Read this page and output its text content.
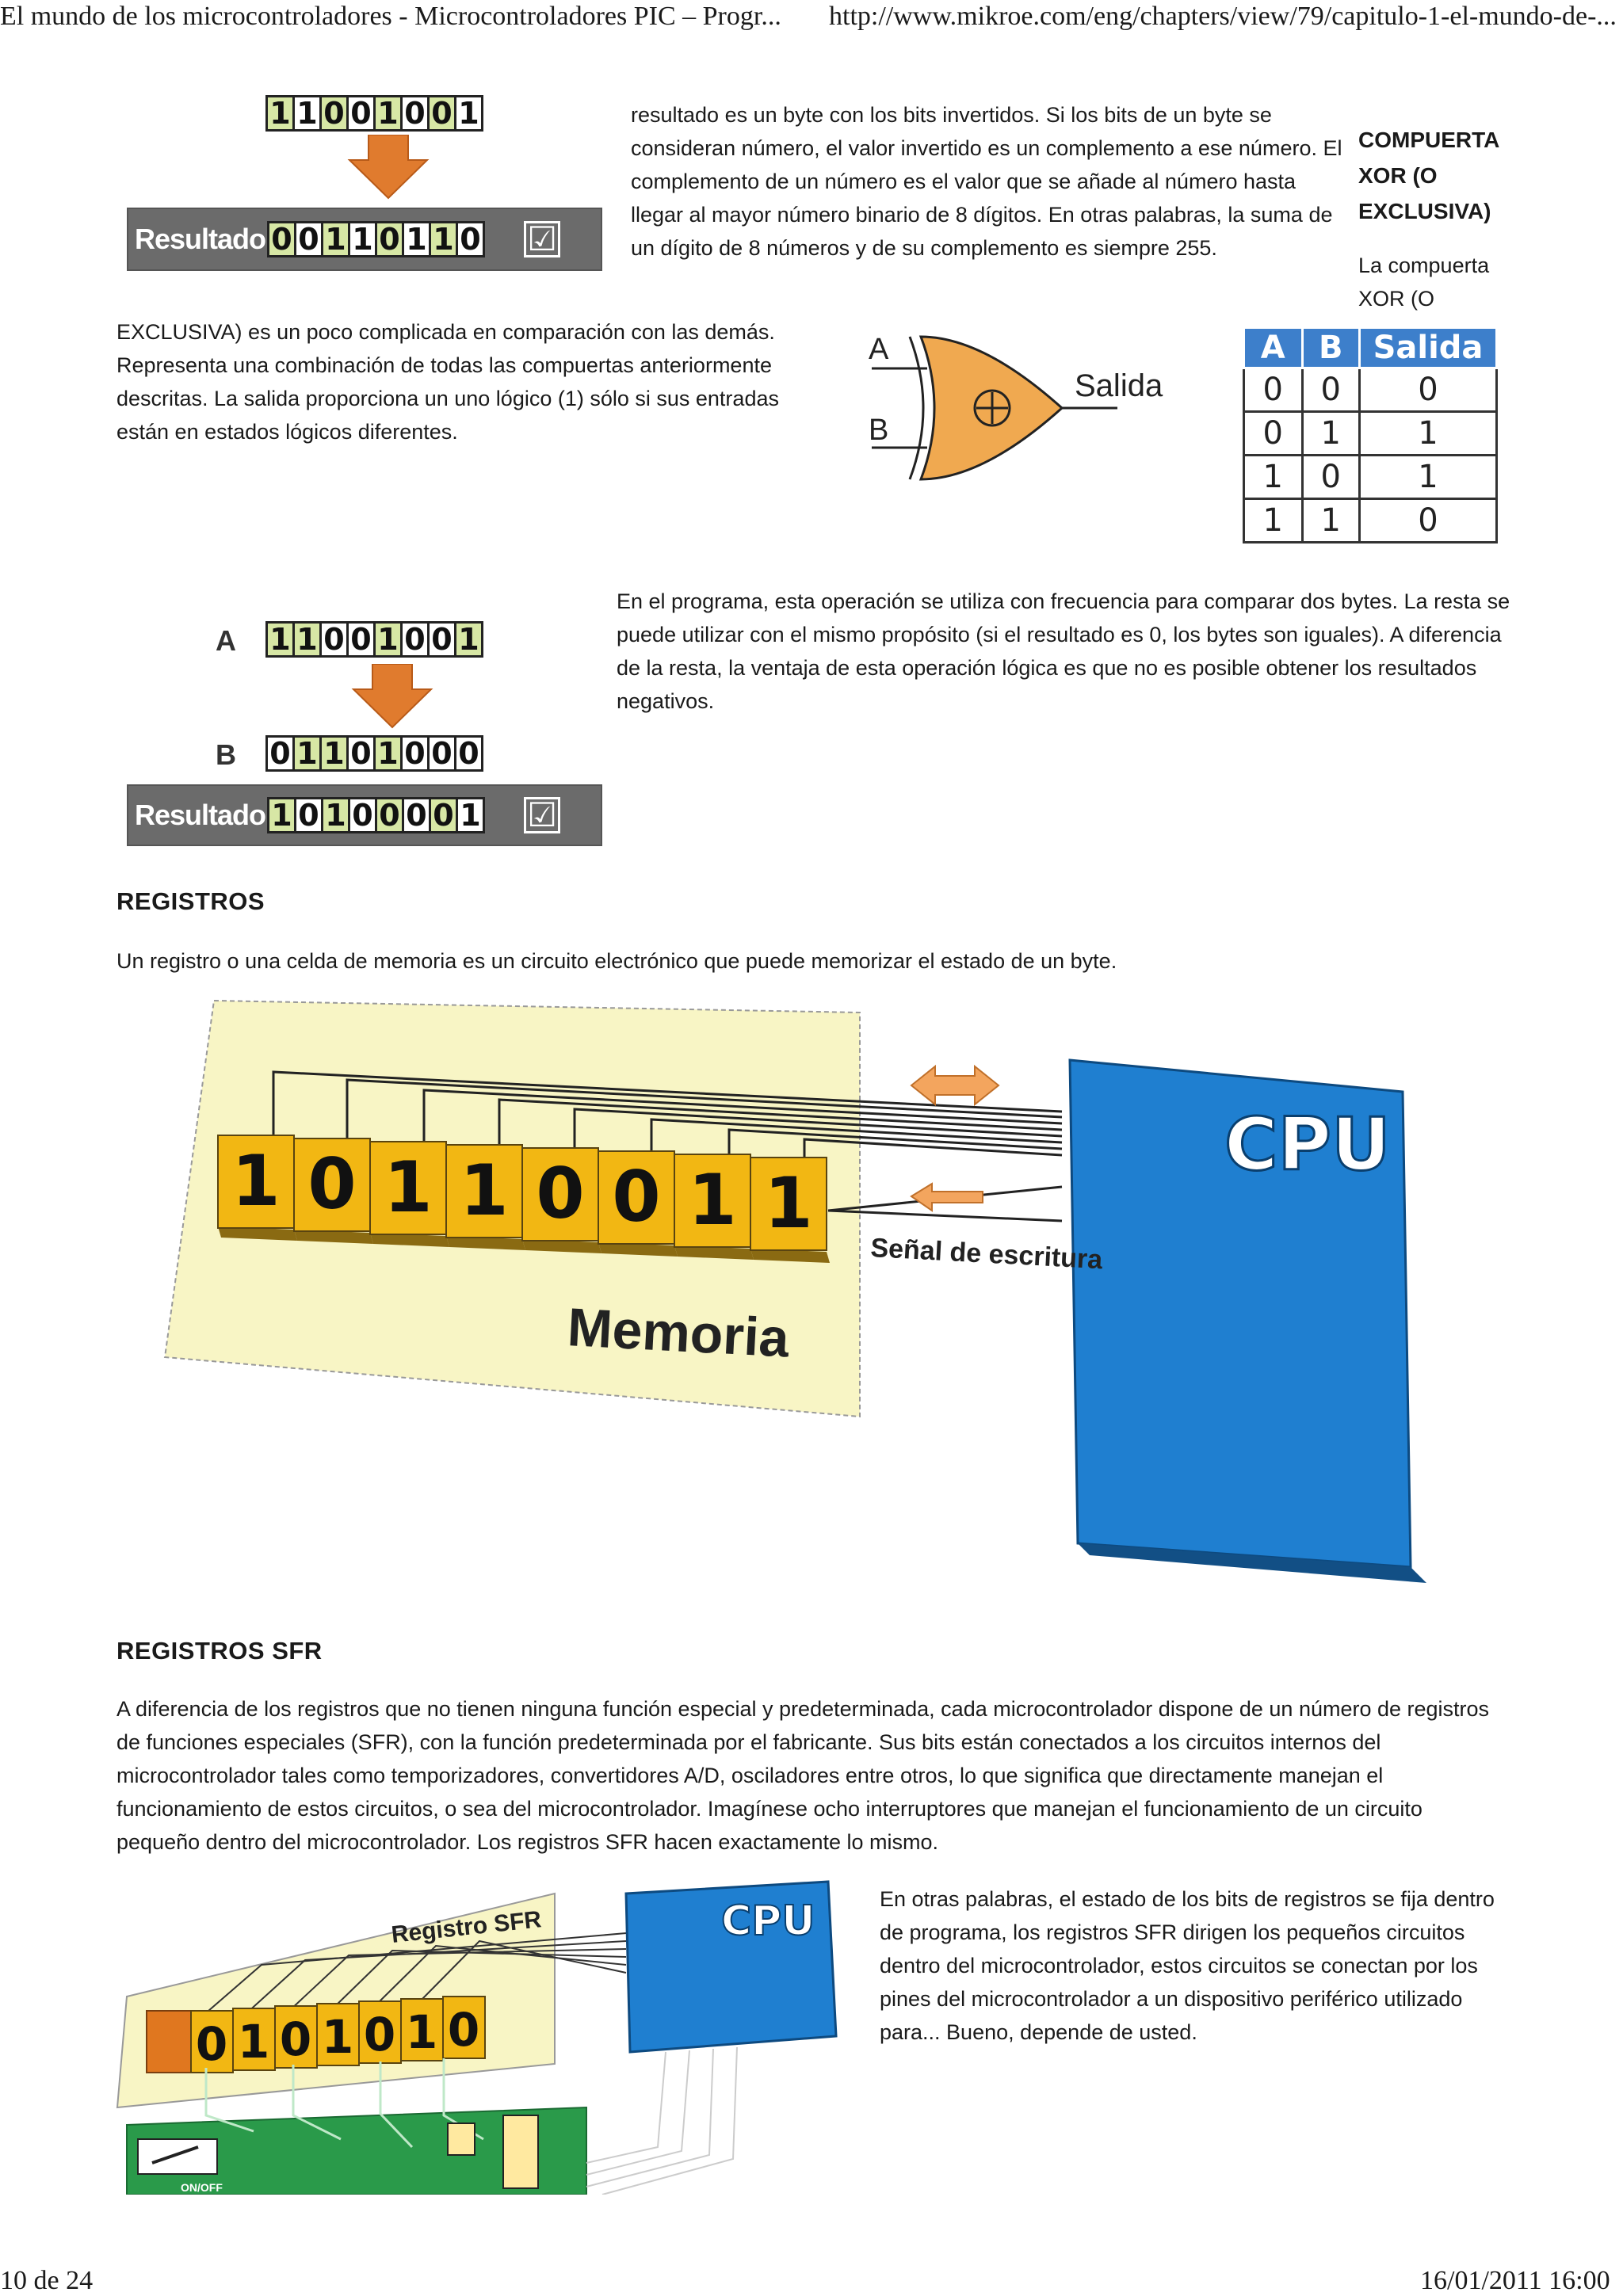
El mundo de los microcontroladores - Microcontroladores PIC – Progr... http://www.mikroe.com/eng/chapters/view/79/capitulo-1-el-mundo-de-...
1 1 0 0 1 0 0 1
Resultado 0 0 1 1 0 1 1 0 ☑
resultado es un byte con los bits invertidos. Si los bits de un byte se consideran número, el valor invertido es un complemento a ese número. El complemento de un número es el valor que se añade al número hasta llegar al mayor número binario de 8 dígitos. En otras palabras, la suma de un dígito de 8 números y de su complemento es siempre 255.
COMPUERTA XOR (O EXCLUSIVA)
La compuerta XOR (O
EXCLUSIVA) es un poco complicada en comparación con las demás. Representa una combinación de todas las compuertas anteriormente descritas. La salida proporciona un uno lógico (1) sólo si sus entradas están en estados lógicos diferentes.
A
B
Salida
A	B	Salida
0	0	0
0	1	1
1	0	1
1	1	0
A 1 1 0 0 1 0 0 1
B 0 1 1 0 1 0 0 0
Resultado 1 0 1 0 0 0 0 1 ☑
En el programa, esta operación se utiliza con frecuencia para comparar dos bytes. La resta se puede utilizar con el mismo propósito (si el resultado es 0, los bytes son iguales). A diferencia de la resta, la ventaja de esta operación lógica es que no es posible obtener los resultados negativos.
REGISTROS
Un registro o una celda de memoria es un circuito electrónico que puede memorizar el estado de un byte.
CPU
1 0 1 1 0 0 1 1
Señal de escritura
Memoria
REGISTROS SFR
A diferencia de los registros que no tienen ninguna función especial y predeterminada, cada microcontrolador dispone de un número de registros de funciones especiales (SFR), con la función predeterminada por el fabricante. Sus bits están conectados a los circuitos internos del microcontrolador tales como temporizadores, convertidores A/D, osciladores entre otros, lo que significa que directamente manejan el funcionamiento de estos circuitos, o sea del microcontrolador. Imagínese ocho interruptores que manejan el funcionamiento de un circuito pequeño dentro del microcontrolador. Los registros SFR hacen exactamente lo mismo.
En otras palabras, el estado de los bits de registros se fija dentro de programa, los registros SFR dirigen los pequeños circuitos dentro del microcontrolador, estos circuitos se conectan por los pines del microcontrolador a un dispositivo periférico utilizado para... Bueno, depende de usted.
Registro SFR	CPU
0 1 0 1 0 1 0
ON/OFF
10 de 24	16/01/2011 16:00
